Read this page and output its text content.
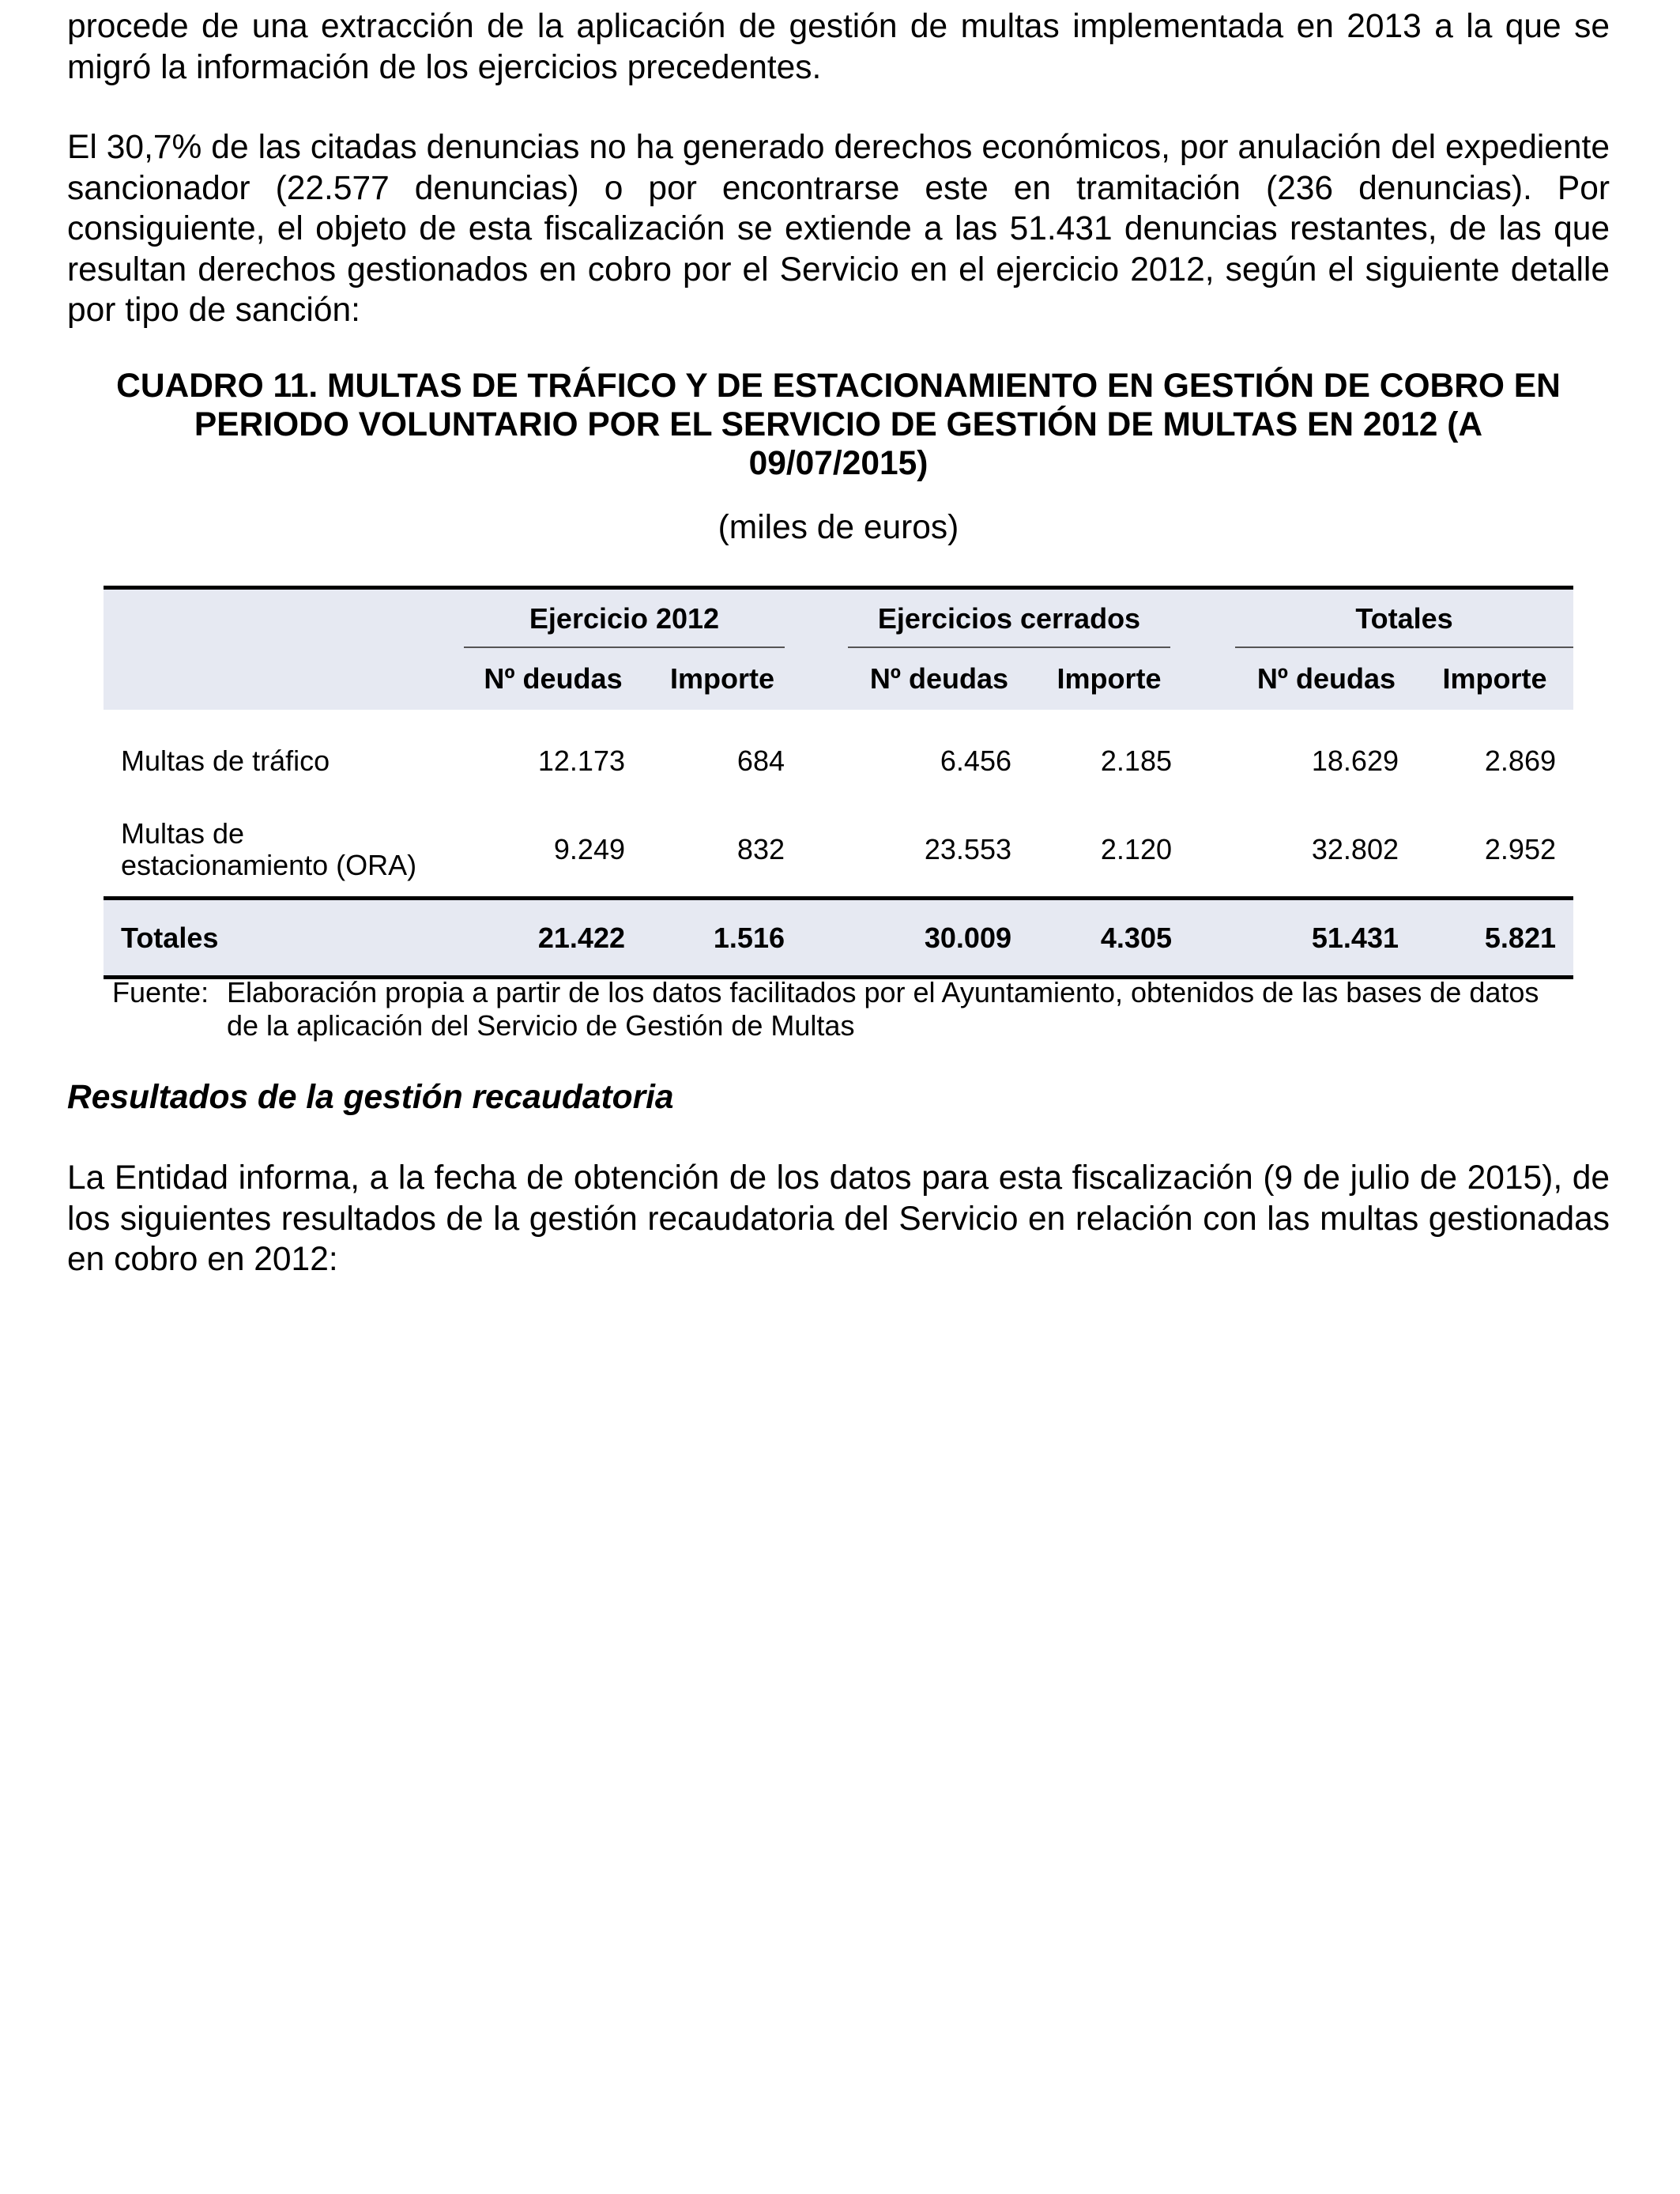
procede de una extracción de la aplicación de gestión de multas implementada en 2013 a la que se migró la información de los ejercicios precedentes.

El 30,7% de las citadas denuncias no ha generado derechos económicos, por anulación del expediente sancionador (22.577 denuncias) o por encontrarse este en tramitación (236 denuncias). Por consiguiente, el objeto de esta fiscalización se extiende a las 51.431 denuncias restantes, de las que resultan derechos gestionados en cobro por el Servicio en el ejercicio 2012, según el siguiente detalle por tipo de sanción:

CUADRO 11. MULTAS DE TRÁFICO Y DE ESTACIONAMIENTO EN GESTIÓN DE COBRO EN
PERIODO VOLUNTARIO POR EL SERVICIO DE GESTIÓN DE MULTAS EN 2012 (A
09/07/2015)
(miles de euros)

	Ejercicio 2012		Ejercicios cerrados		Totales	

	Nº deudas	Importe	Nº deudas	Importe	Nº deudas	Importe
Multas de tráfico	12.173	684	6.456	2.185	18.629	2.869

Multas de
estacionamiento (ORA)	9.249	832	23.553	2.120	32.802	2.952
Totales	21.422	1.516	30.009	4.305	51.431	5.821
Fuente: Elaboración propia a partir de los datos facilitados por el Ayuntamiento, obtenidos de las bases de datos de la aplicación del Servicio de Gestión de Multas
Resultados de la gestión recaudatoria

La Entidad informa, a la fecha de obtención de los datos para esta fiscalización (9 de julio de 2015), de los siguientes resultados de la gestión recaudatoria del Servicio en relación con las multas gestionadas en cobro en 2012:
